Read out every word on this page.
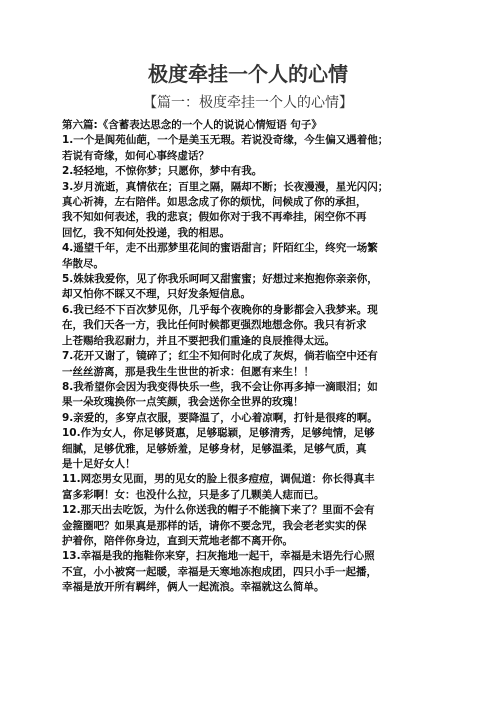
极度牵挂一个人的心情
【篇一：极度牵挂一个人的心情】
第六篇:《含蓄表达思念的一个人的说说心情短语 句子》
1.一个是阆苑仙葩，一个是美玉无瑕。若说没奇缘，今生偏又遇着他；
若说有奇缘，如何心事终虚话？
2.轻轻地，不惊你梦；只愿你，梦中有我。
3.岁月流逝，真情依在；百里之隔，隔却不断；长夜漫漫，星光闪闪；
真心祈祷，左右陪伴。如思念成了你的烦忧，问候成了你的承担，
我不知如何表述，我的悲哀；假如你对于我不再牵挂，闲空你不再
回忆，我不知何处投递，我的相思。
4.遥望千年，走不出那梦里花间的蜜语甜言；阡陌红尘，终究一场繁
华散尽。
5.姝妹我爱你，见了你我乐呵呵又甜蜜蜜；好想过来抱抱你亲亲你，
却又怕你不睬又不理，只好发条短信息。
6.我已经不下百次梦见你，几乎每个夜晚你的身影都会入我梦来。现
在，我们天各一方，我比任何时候都更强烈地想念你。我只有祈求
上苍赐给我忍耐力，并且不要把我们重逢的良辰推得太远。
7.花开又谢了，镜碎了；红尘不知何时化成了灰烬，倘若临空中还有
一丝丝游离，那是我生生世世的祈求：但愿有来生！！
8.我希望你会因为我变得快乐一些，我不会让你再多掉一滴眼泪；如
果一朵玫瑰换你一点笑颜，我会送你全世界的玫瑰！
9.亲爱的，多穿点衣服，要降温了，小心着凉啊，打针是很疼的啊。
10.作为女人，你足够贤惠，足够聪颖，足够清秀，足够纯情，足够
细腻，足够优雅，足够娇羞，足够身材，足够温柔，足够气质，真
是十足好女人！
11.网恋男女见面，男的见女的脸上很多痘痘，调侃道：你长得真丰
富多彩啊！女：也没什么拉，只是多了几颗美人痣而已。
12.那天出去吃饭，为什么你送我的帽子不能摘下来了？里面不会有
金箍圈吧？如果真是那样的话，请你不要念咒，我会老老实实的保
护着你，陪伴你身边，直到天荒地老都不离开你。
13.幸福是我的拖鞋你来穿，扫灰拖地一起干，幸福是未语先行心照
不宣，小小被窝一起暖，幸福是天寒地冻抱成团，四只小手一起播，
幸福是放开所有羁绊，俩人一起流浪。幸福就这么简单。
